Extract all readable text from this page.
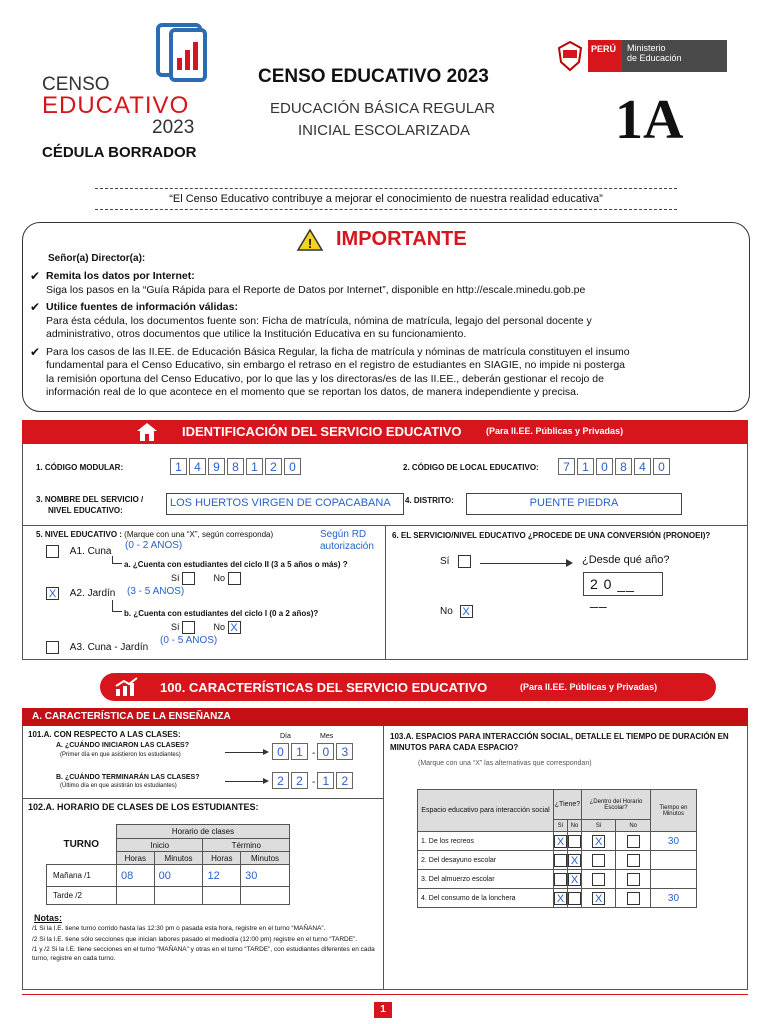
CENSO
EDUCATIVO
2023
CÉDULA BORRADOR
CENSO EDUCATIVO 2023
EDUCACIÓN BÁSICA REGULAR
INICIAL ESCOLARIZADA	1A
PERÚ	Ministerio
de Educación
“El Censo Educativo contribuye a mejorar el conocimiento de nuestra realidad educativa”
! IMPORTANTE
Señor(a) Director(a):
✔ Remita los datos por Internet:
Siga los pasos en la “Guía Rápida para el Reporte de Datos por Internet”, disponible en http://escale.minedu.gob.pe
✔ Utilice fuentes de información válidas:
Para ésta cédula, los documentos fuente son: Ficha de matrícula, nómina de matrícula, legajo del personal docente y
administrativo, otros documentos que utilice la Institución Educativa en su funcionamiento.
✔ Para los casos de las II.EE. de Educación Básica Regular, la ficha de matrícula y nóminas de matrícula constituyen el insumo
fundamental para el Censo Educativo, sin embargo el retraso en el registro de estudiantes en SIAGIE, no impide ni posterga
la remisión oportuna del Censo Educativo, por lo que las y los directoras/es de las II.EE., deberán gestionar el recojo de
información real de lo que acontece en el momento que se reportan los datos, de manera independiente y precisa.
IDENTIFICACIÓN DEL SERVICIO EDUCATIVO	(Para II.EE. Públicas y Privadas)
1. CÓDIGO MODULAR:	1 4 9 8 1 2 0	2. CÓDIGO DE LOCAL EDUCATIVO:	7 1 0 8 4 0
3. NOMBRE DEL SERVICIO /
NIVEL EDUCATIVO:
LOS HUERTOS VIRGEN DE COPACABANA	4. DISTRITO:	PUENTE PIEDRA
5. NIVEL EDUCATIVO : (Marque con una “X”, según corresponda)	Según RD
autorización
A1. Cuna
(0 - 2 ANOS)
a. ¿Cuenta con estudiantes del ciclo II (3 a 5 años o más) ?
Sí	No
X A2. Jardín (3 - 5 ANOS)
b. ¿Cuenta con estudiantes del ciclo I (0 a 2 años)?
Sí	No X
(0 - 5 ANOS)
A3. Cuna - Jardín
6. EL SERVICIO/NIVEL EDUCATIVO ¿PROCEDE DE UNA CONVERSIÓN (PRONOEI)?
Sí	¿Desde qué año?
2 0 __ __
No X
100. CARACTERÍSTICAS DEL SERVICIO EDUCATIVO	(Para II.EE. Públicas y Privadas)
A. CARACTERÍSTICA DE LA ENSEÑANZA
101.A. CON RESPECTO A LAS CLASES:	Día	Mes
A. ¿CUÁNDO INICIARON LAS CLASES?
(Primer día en que asistieron los estudiantes)	0 1 - 0 3
B. ¿CUÁNDO TERMINARÁN LAS CLASES?
(Último día en que asistirán los estudiantes)	2 2 - 1 2
102.A. HORARIO DE CLASES DE LOS ESTUDIANTES:
TURNO	Horario de clases			
	Inicio		Término	
	Horas	Minutos	Horas	Minutos
Mañana /1	08	00	12	30
Tarde /2				
Notas:
/1 Si la I.E. tiene turno corrido hasta las 12:30 pm o pasada esta hora, registre en el turno “MAÑANA”.
/2 Si la I.E. tiene sólo secciones que inician labores pasado el mediodía (12:00 pm) registre en el turno “TARDE”.
/1 y /2 Si la I.E. tiene secciones en el turno “MAÑANA” y otras en el turno “TARDE”, con estudiantes diferentes en cada turno, registre en cada turno.
103.A. ESPACIOS PARA INTERACCIÓN SOCIAL, DETALLE EL TIEMPO DE DURACIÓN EN MINUTOS PARA CADA ESPACIO?
(Marque con una “X” las alternativas que correspondan)
Espacio educativo para interacción social	¿Tiene?		¿Dentro del Horario Escolar?		Tiempo en Minutos
	Sí	No	Sí	No	
1. De los recreos	X		X		30
2. Del desayuno escolar		X			
3. Del almuerzo escolar		X			
4. Del consumo de la lonchera	X		X		30
1
